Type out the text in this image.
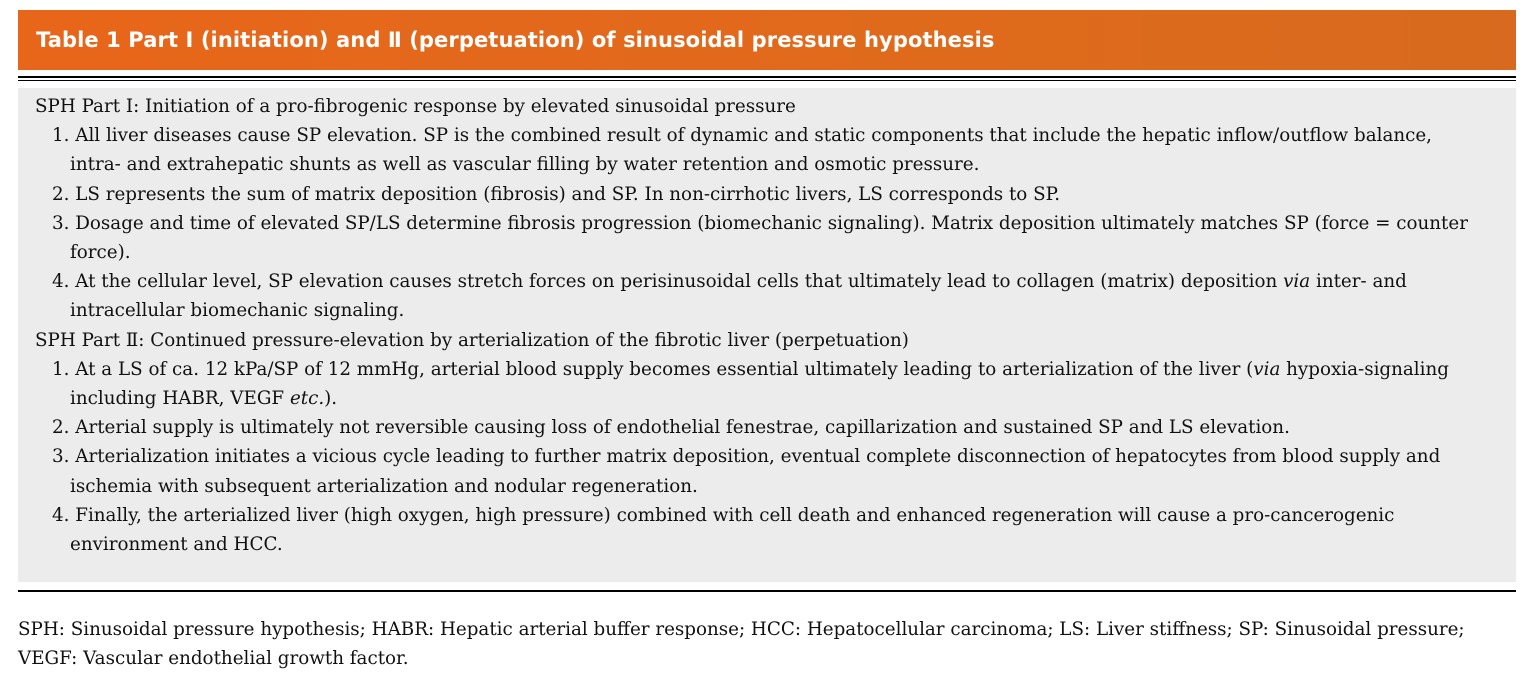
Table 1 Part Ⅰ (initiation) and Ⅱ (perpetuation) of sinusoidal pressure hypothesis
SPH Part Ⅰ: Initiation of a pro-fibrogenic response by elevated sinusoidal pressure
1. All liver diseases cause SP elevation. SP is the combined result of dynamic and static components that include the hepatic inflow/outflow balance,
intra- and extrahepatic shunts as well as vascular filling by water retention and osmotic pressure.
2. LS represents the sum of matrix deposition (fibrosis) and SP. In non-cirrhotic livers, LS corresponds to SP.
3. Dosage and time of elevated SP/LS determine fibrosis progression (biomechanic signaling). Matrix deposition ultimately matches SP (force = counter
force).
4. At the cellular level, SP elevation causes stretch forces on perisinusoidal cells that ultimately lead to collagen (matrix) deposition via inter- and
intracellular biomechanic signaling.
SPH Part Ⅱ: Continued pressure-elevation by arterialization of the fibrotic liver (perpetuation)
1. At a LS of ca. 12 kPa/SP of 12 mmHg, arterial blood supply becomes essential ultimately leading to arterialization of the liver (via hypoxia-signaling
including HABR, VEGF etc.).
2. Arterial supply is ultimately not reversible causing loss of endothelial fenestrae, capillarization and sustained SP and LS elevation.
3. Arterialization initiates a vicious cycle leading to further matrix deposition, eventual complete disconnection of hepatocytes from blood supply and
ischemia with subsequent arterialization and nodular regeneration.
4. Finally, the arterialized liver (high oxygen, high pressure) combined with cell death and enhanced regeneration will cause a pro-cancerogenic
environment and HCC.
SPH: Sinusoidal pressure hypothesis; HABR: Hepatic arterial buffer response; HCC: Hepatocellular carcinoma; LS: Liver stiffness; SP: Sinusoidal pressure;
VEGF: Vascular endothelial growth factor.
